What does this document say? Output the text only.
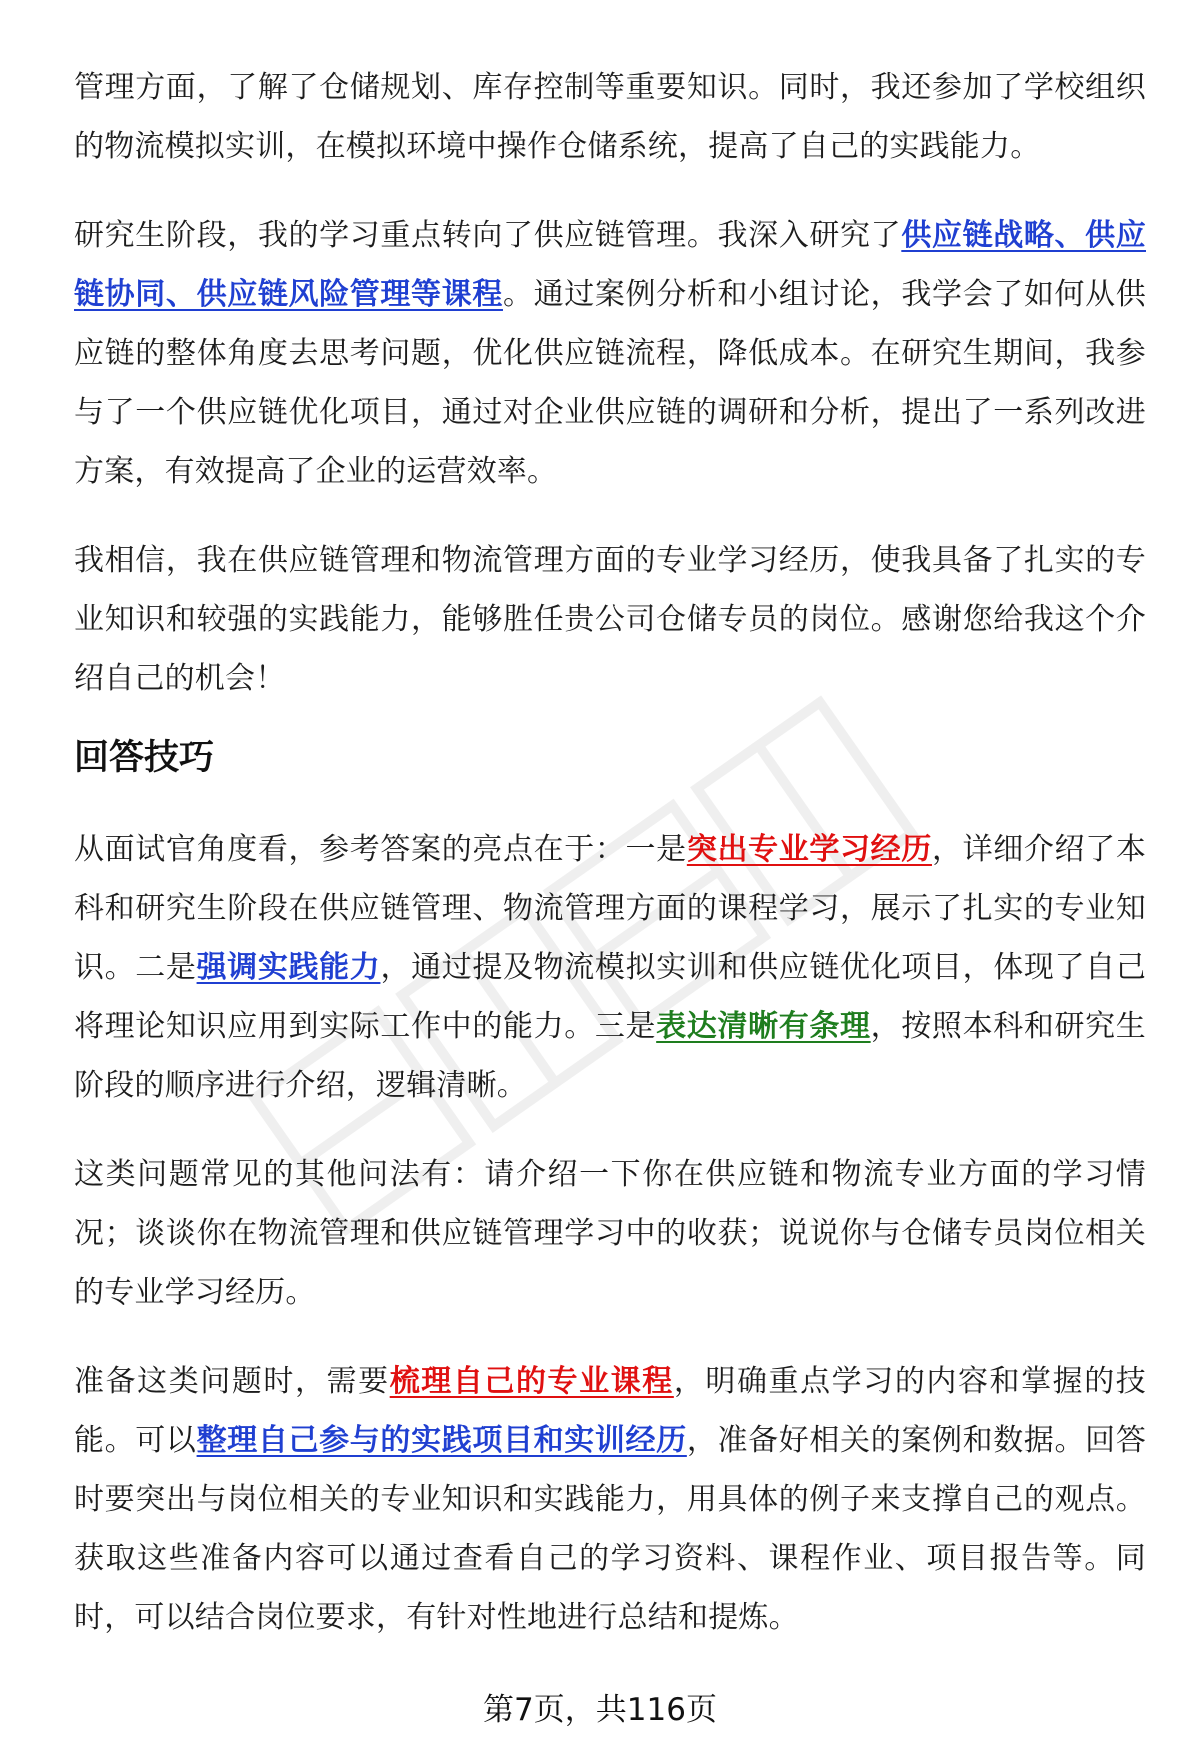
管理方面，了解了仓储规划、库存控制等重要知识。同时，我还参加了学校组织的物流模拟实训，在模拟环境中操作仓储系统，提高了自己的实践能力。

研究生阶段，我的学习重点转向了供应链管理。我深入研究了供应链战略、供应链协同、供应链风险管理等课程。通过案例分析和小组讨论，我学会了如何从供应链的整体角度去思考问题，优化供应链流程，降低成本。在研究生期间，我参与了一个供应链优化项目，通过对企业供应链的调研和分析，提出了一系列改进方案，有效提高了企业的运营效率。

我相信，我在供应链管理和物流管理方面的专业学习经历，使我具备了扎实的专业知识和较强的实践能力，能够胜任贵公司仓储专员的岗位。感谢您给我这个介绍自己的机会！

回答技巧

从面试官角度看，参考答案的亮点在于：一是突出专业学习经历，详细介绍了本科和研究生阶段在供应链管理、物流管理方面的课程学习，展示了扎实的专业知识。二是强调实践能力，通过提及物流模拟实训和供应链优化项目，体现了自己将理论知识应用到实际工作中的能力。三是表达清晰有条理，按照本科和研究生阶段的顺序进行介绍，逻辑清晰。

这类问题常见的其他问法有：请介绍一下你在供应链和物流专业方面的学习情况；谈谈你在物流管理和供应链管理学习中的收获；说说你与仓储专员岗位相关的专业学习经历。

准备这类问题时，需要梳理自己的专业课程，明确重点学习的内容和掌握的技能。可以整理自己参与的实践项目和实训经历，准备好相关的案例和数据。回答时要突出与岗位相关的专业知识和实践能力，用具体的例子来支撑自己的观点。获取这些准备内容可以通过查看自己的学习资料、课程作业、项目报告等。同时，可以结合岗位要求，有针对性地进行总结和提炼。

第7页，共116页
